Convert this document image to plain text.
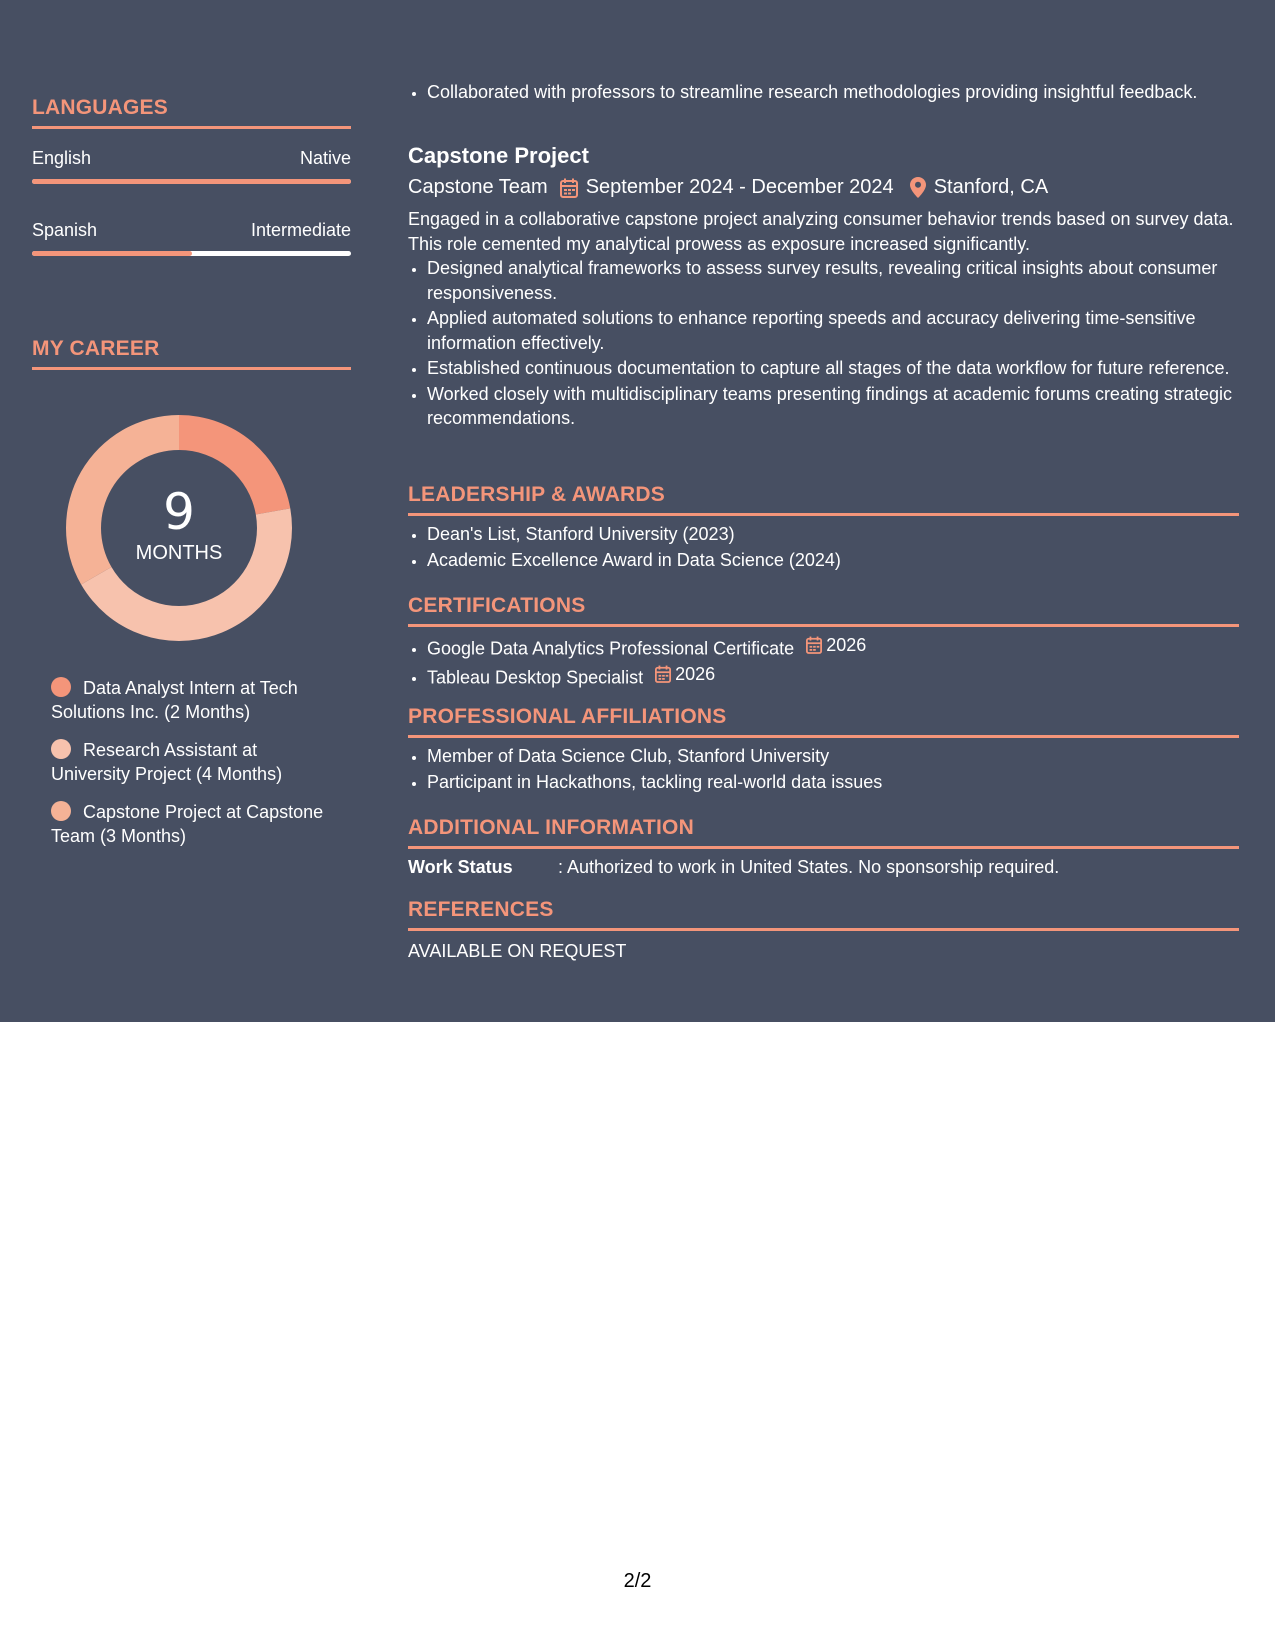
LANGUAGES
English	Native
Spanish	Intermediate
MY CAREER
9
MONTHS
Data Analyst Intern at Tech Solutions Inc. (2 Months)
Research Assistant at University Project (4 Months)
Capstone Project at Capstone Team (3 Months)
• Collaborated with professors to streamline research methodologies providing insightful feedback.
Capstone Project
Capstone Team September 2024 - December 2024 Stanford, CA

Engaged in a collaborative capstone project analyzing consumer behavior trends based on survey data. This role cemented my analytical prowess as exposure increased significantly.

• Designed analytical frameworks to assess survey results, revealing critical insights about consumer responsiveness.
• Applied automated solutions to enhance reporting speeds and accuracy delivering time-sensitive information effectively.
• Established continuous documentation to capture all stages of the data workflow for future reference.
• Worked closely with multidisciplinary teams presenting findings at academic forums creating strategic recommendations.
LEADERSHIP & AWARDS
• Dean's List, Stanford University (2023)
• Academic Excellence Award in Data Science (2024)
CERTIFICATIONS
• Google Data Analytics Professional Certificate 2026
• Tableau Desktop Specialist 2026
PROFESSIONAL AFFILIATIONS
• Member of Data Science Club, Stanford University
• Participant in Hackathons, tackling real-world data issues
ADDITIONAL INFORMATION
Work Status	: Authorized to work in United States. No sponsorship required.
REFERENCES
AVAILABLE ON REQUEST
2/2
